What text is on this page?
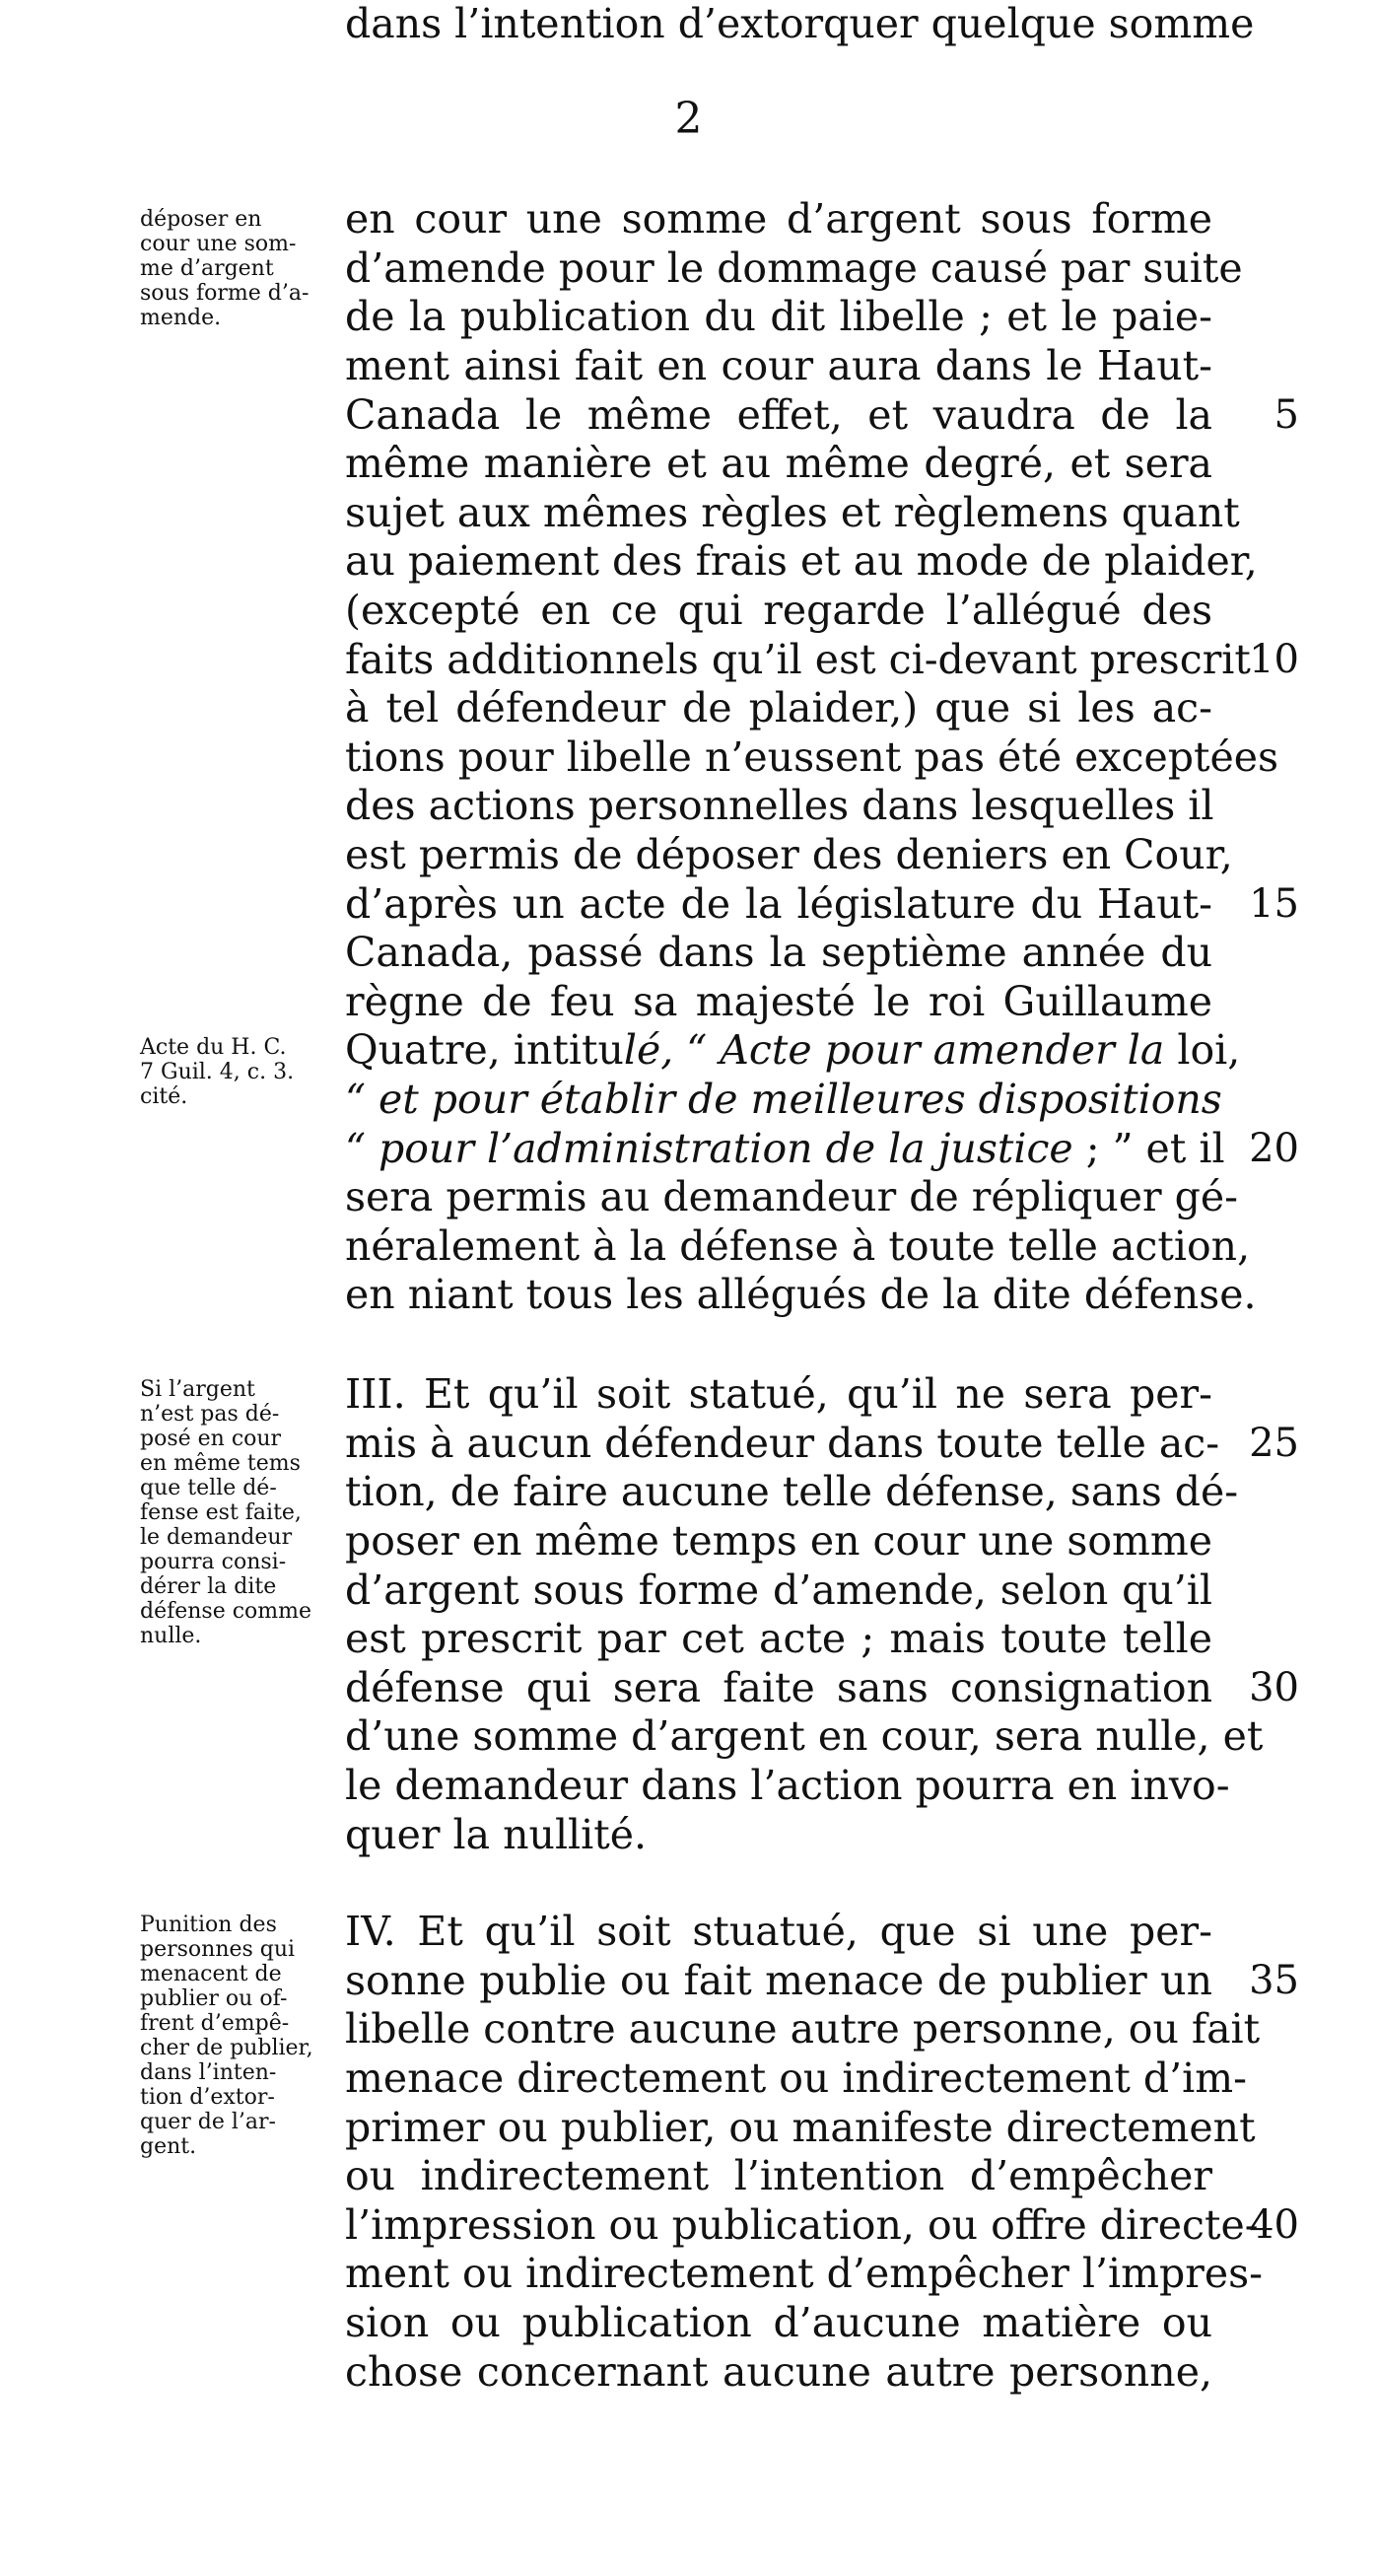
2
en cour une somme d’argent sous forme
d’amende pour le dommage causé par suite
de la publication du dit libelle ; et le paie-
ment ainsi fait en cour aura dans le Haut-
Canada le même effet, et vaudra de la
même manière et au même degré, et sera
sujet aux mêmes règles et règlemens quant
au paiement des frais et au mode de plaider,
(excepté en ce qui regarde l’allégué des
faits additionnels qu’il est ci-devant prescrit
à tel défendeur de plaider,) que si les ac-
tions pour libelle n’eussent pas été exceptées
des actions personnelles dans lesquelles il
est permis de déposer des deniers en Cour,
d’après un acte de la législature du Haut-
Canada, passé dans la septième année du
règne de feu sa majesté le roi Guillaume
Quatre, intitulé, “ Acte pour amender la loi,
“ et pour établir de meilleures dispositions
“ pour l’administration de la justice ; ” et il
sera permis au demandeur de répliquer gé-
néralement à la défense à toute telle action,
en niant tous les allégués de la dite défense.
III. Et qu’il soit statué, qu’il ne sera per-
mis à aucun défendeur dans toute telle ac-
tion, de faire aucune telle défense, sans dé-
poser en même temps en cour une somme
d’argent sous forme d’amende, selon qu’il
est prescrit par cet acte ; mais toute telle
défense qui sera faite sans consignation
d’une somme d’argent en cour, sera nulle, et
le demandeur dans l’action pourra en invo-
quer la nullité.
IV. Et qu’il soit stuatué, que si une per-
sonne publie ou fait menace de publier un
libelle contre aucune autre personne, ou fait
menace directement ou indirectement d’im-
primer ou publier, ou manifeste directement
ou indirectement l’intention d’empêcher
l’impression ou publication, ou offre directe-
ment ou indirectement d’empêcher l’impres-
sion ou publication d’aucune matière ou
chose concernant aucune autre personne,
dans l’intention d’extorquer quelque somme
5
10
15
20
25
30
35
40
déposer en
cour une som-
me d’argent
sous forme d’a-
mende.
Acte du H. C.
7 Guil. 4, c. 3.
cité.
Si l’argent
n’est pas dé-
posé en cour
en même tems
que telle dé-
fense est faite,
le demandeur
pourra consi-
dérer la dite
défense comme
nulle.
Punition des
personnes qui
menacent de
publier ou of-
frent d’empê-
cher de publier,
dans l’inten-
tion d’extor-
quer de l’ar-
gent.
